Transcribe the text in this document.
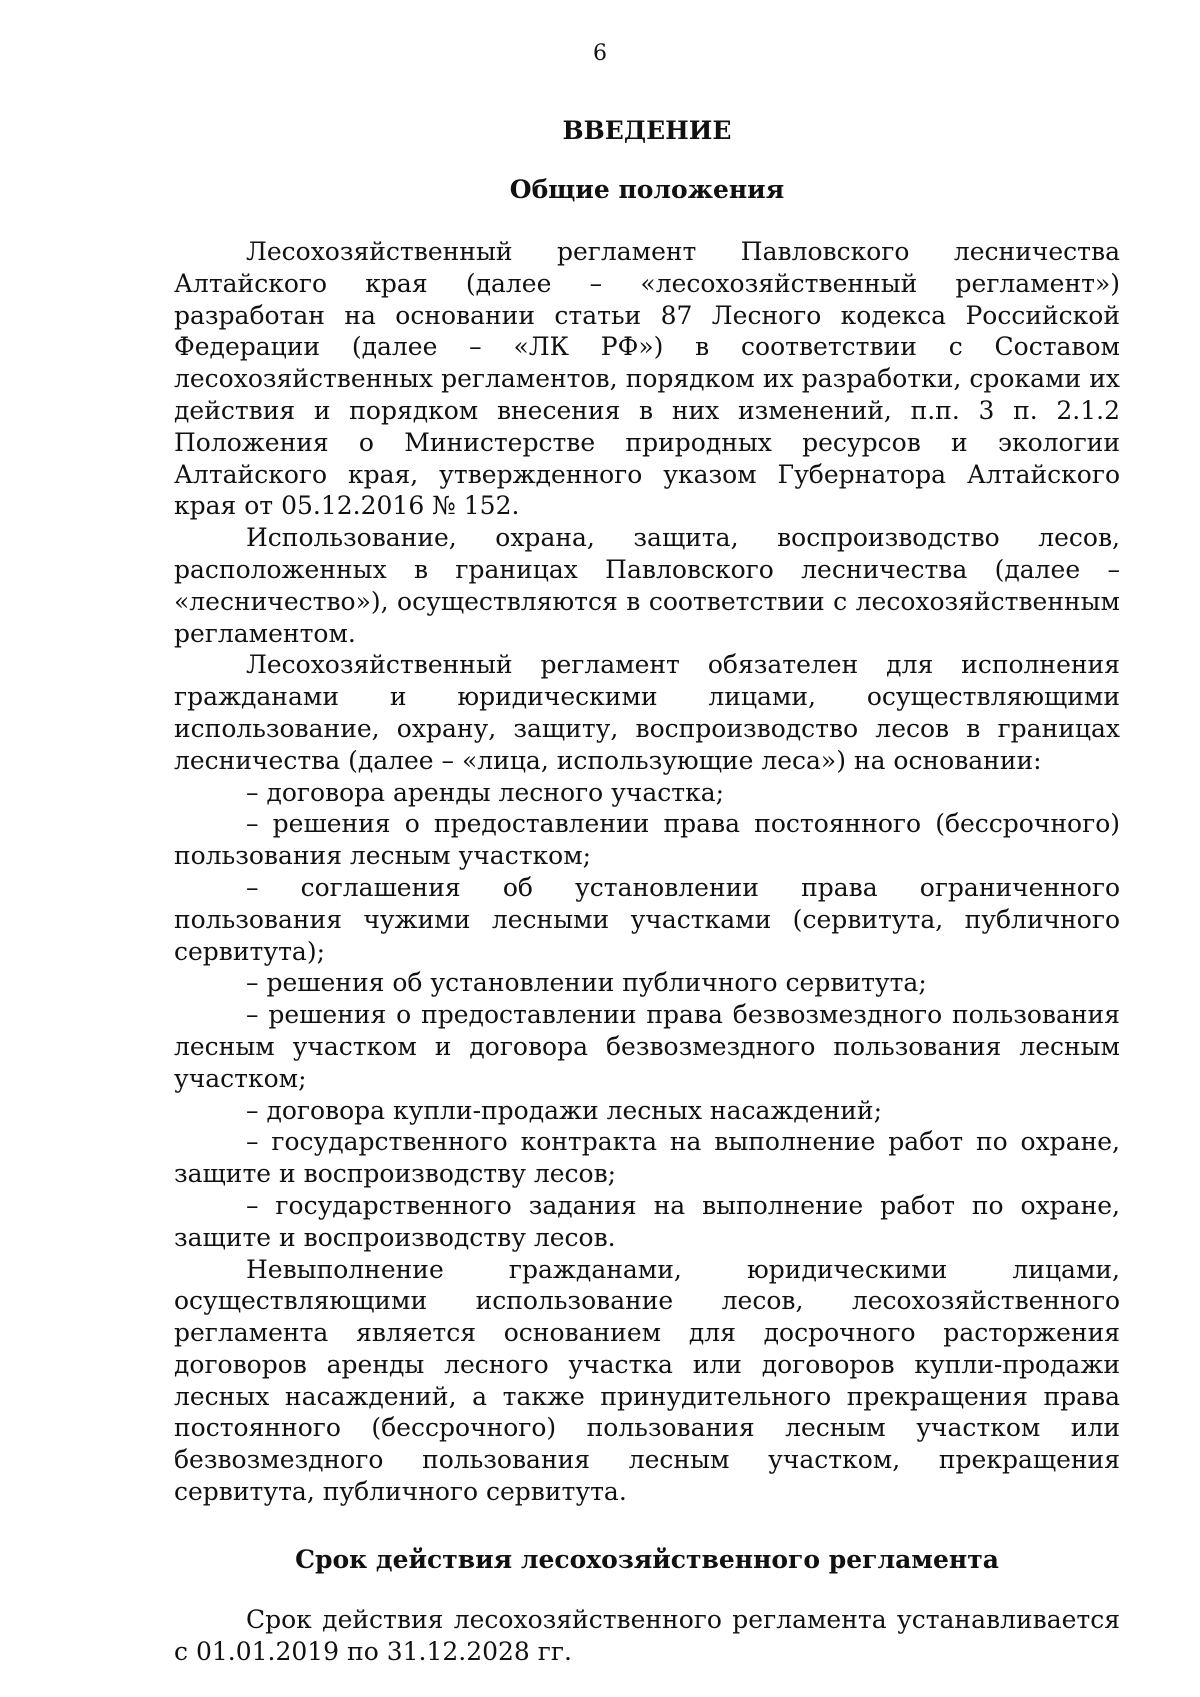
6
ВВЕДЕНИЕ
Общие положения

Лесохозяйственный регламент Павловского лесничества Алтайского края (далее – «лесохозяйственный регламент») разработан на основании статьи 87 Лесного кодекса Российской Федерации (далее – «ЛК РФ») в соответствии с Составом лесохозяйственных регламентов, порядком их разработки, сроками их действия и порядком внесения в них изменений, п.п. 3 п. 2.1.2 Положения о Министерстве природных ресурсов и экологии Алтайского края, утвержденного указом Губернатора Алтайского края от 05.12.2016 № 152.

Использование, охрана, защита, воспроизводство лесов, расположенных в границах Павловского лесничества (далее – «лесничество»), осуществляются в соответствии с лесохозяйственным регламентом.

Лесохозяйственный регламент обязателен для исполнения гражданами и юридическими лицами, осуществляющими использование, охрану, защиту, воспроизводство лесов в границах лесничества (далее – «лица, использующие леса») на основании:

– договора аренды лесного участка;

– решения о предоставлении права постоянного (бессрочного) пользования лесным участком;

– соглашения об установлении права ограниченного пользования чужими лесными участками (сервитута, публичного сервитута);

– решения об установлении публичного сервитута;

– решения о предоставлении права безвозмездного пользования лесным участком и договора безвозмездного пользования лесным участком;

– договора купли-продажи лесных насаждений;

– государственного контракта на выполнение работ по охране, защите и воспроизводству лесов;

– государственного задания на выполнение работ по охране, защите и воспроизводству лесов.

Невыполнение гражданами, юридическими лицами, осуществляющими использование лесов, лесохозяйственного регламента является основанием для досрочного расторжения договоров аренды лесного участка или договоров купли-продажи лесных насаждений, а также принудительного прекращения права постоянного (бессрочного) пользования лесным участком или безвозмездного пользования лесным участком, прекращения сервитута, публичного сервитута.

Срок действия лесохозяйственного регламента

Срок действия лесохозяйственного регламента устанавливается с 01.01.2019 по 31.12.2028 гг.
